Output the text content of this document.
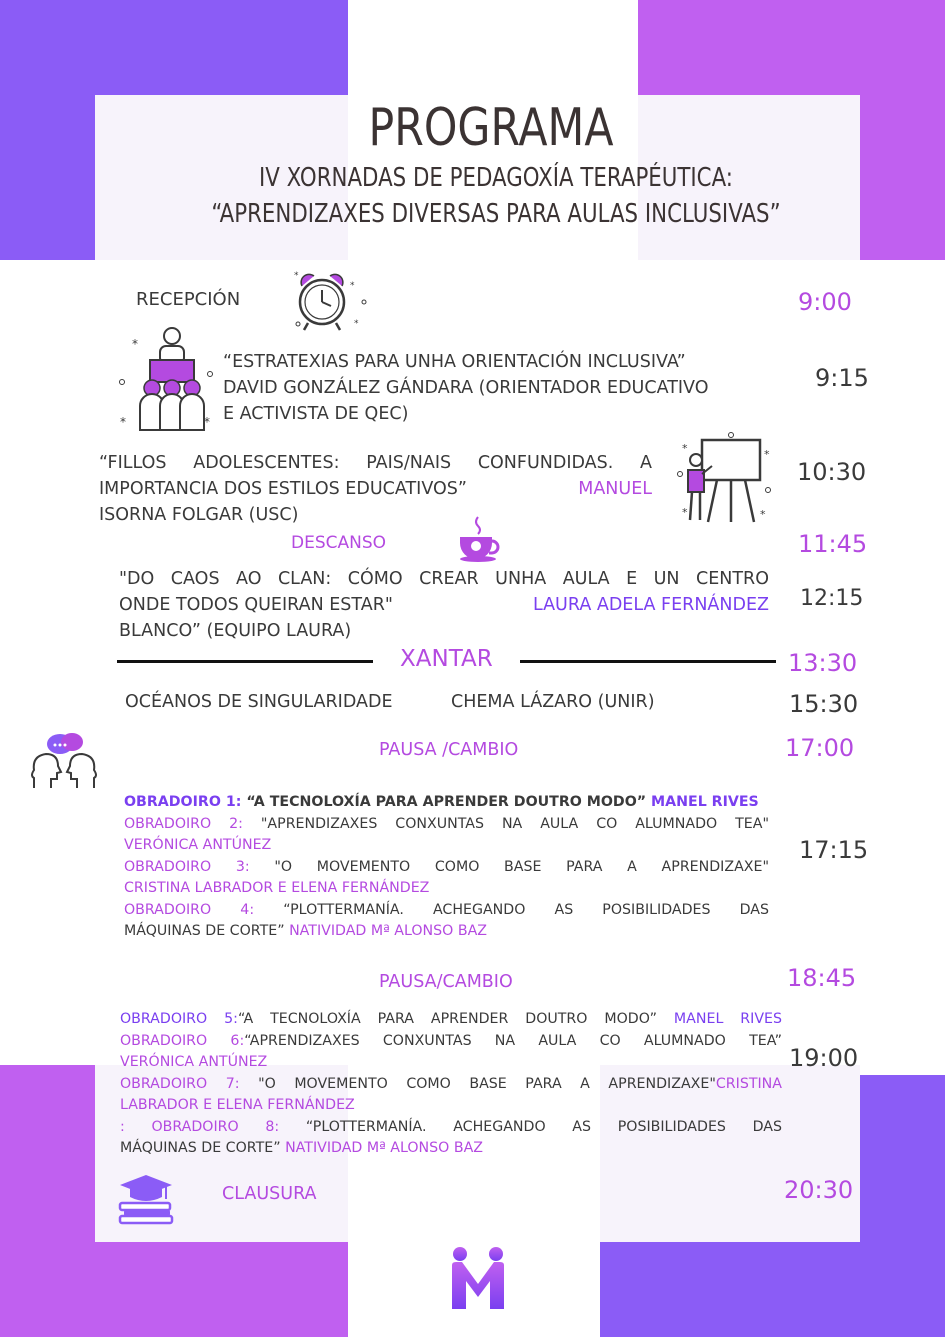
PROGRAMA
IV XORNADAS DE PEDAGOXÍA TERAPÉUTICA:
“APRENDIZAXES DIVERSAS PARA AULAS INCLUSIVAS”
RECEPCIÓN
*
*
*
9:00
*
*	*
“ESTRATEXIAS PARA UNHA ORIENTACIÓN INCLUSIVA”
DAVID GONZÁLEZ GÁNDARA (ORIENTADOR EDUCATIVO
E ACTIVISTA DE QEC)
9:15
“FILLOS ADOLESCENTES: PAIS/NAIS CONFUNDIDAS. A
IMPORTANCIA DOS ESTILOS EDUCATIVOS”	MANUEL
ISORNA FOLGAR (USC)
*	*
*	*
10:30
DESCANSO	11:45
"DO CAOS AO CLAN: CÓMO CREAR UNHA AULA E UN CENTRO
ONDE TODOS QUEIRAN ESTAR"	LAURA ADELA FERNÁNDEZ
BLANCO” (EQUIPO LAURA)
12:15
XANTAR	13:30
OCÉANOS DE SINGULARIDADE	CHEMA LÁZARO (UNIR)	15:30
PAUSA /CAMBIO	17:00
OBRADOIRO 1: “A TECNOLOXÍA PARA APRENDER DOUTRO MODO” MANEL RIVES
OBRADOIRO 2: "APRENDIZAXES CONXUNTAS NA AULA CO ALUMNADO TEA"
VERÓNICA ANTÚNEZ
OBRADOIRO 3: "O MOVEMENTO COMO BASE PARA A APRENDIZAXE"
CRISTINA LABRADOR E ELENA FERNÁNDEZ
OBRADOIRO 4: “PLOTTERMANÍA. ACHEGANDO AS POSIBILIDADES DAS
MÁQUINAS DE CORTE” NATIVIDAD Mª ALONSO BAZ
17:15
PAUSA/CAMBIO	18:45
OBRADOIRO 5:“A TECNOLOXÍA PARA APRENDER DOUTRO MODO” MANEL RIVES
OBRADOIRO 6:“APRENDIZAXES CONXUNTAS NA AULA CO ALUMNADO TEA”
VERÓNICA ANTÚNEZ
OBRADOIRO 7: "O MOVEMENTO COMO BASE PARA A APRENDIZAXE"CRISTINA
LABRADOR E ELENA FERNÁNDEZ
: OBRADOIRO 8: “PLOTTERMANÍA. ACHEGANDO AS POSIBILIDADES DAS
MÁQUINAS DE CORTE” NATIVIDAD Mª ALONSO BAZ
19:00
CLAUSURA	20:30
